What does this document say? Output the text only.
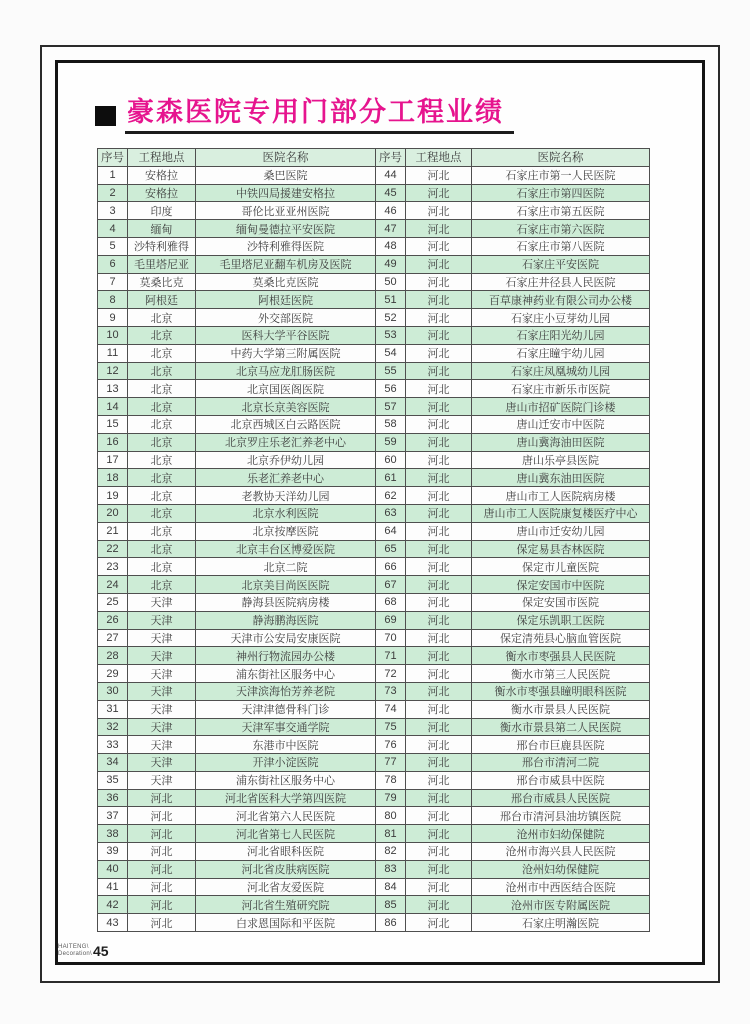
豪森医院专用门部分工程业绩
序号	工程地点	医院名称	序号	工程地点	医院名称
1	安格拉	桑巴医院	44	河北	石家庄市第一人民医院
2	安格拉	中铁四局援建安格拉	45	河北	石家庄市第四医院
3	印度	哥伦比亚亚州医院	46	河北	石家庄市第五医院
4	缅甸	缅甸曼德拉平安医院	47	河北	石家庄市第六医院
5	沙特利雅得	沙特利雅得医院	48	河北	石家庄市第八医院
6	毛里塔尼亚	毛里塔尼亚翻车机房及医院	49	河北	石家庄平安医院
7	莫桑比克	莫桑比克医院	50	河北	石家庄井径县人民医院
8	阿根廷	阿根廷医院	51	河北	百草康神药业有限公司办公楼
9	北京	外交部医院	52	河北	石家庄小豆芽幼儿园
10	北京	医科大学平谷医院	53	河北	石家庄阳光幼儿园
11	北京	中药大学第三附属医院	54	河北	石家庄瞳宇幼儿园
12	北京	北京马应龙肛肠医院	55	河北	石家庄凤凰城幼儿园
13	北京	北京国医阁医院	56	河北	石家庄市新乐市医院
14	北京	北京长京美容医院	57	河北	唐山市招矿医院门诊楼
15	北京	北京西城区白云路医院	58	河北	唐山迁安市中医院
16	北京	北京罗庄乐老汇养老中心	59	河北	唐山冀海油田医院
17	北京	北京乔伊幼儿园	60	河北	唐山乐亭县医院
18	北京	乐老汇养老中心	61	河北	唐山冀东油田医院
19	北京	老教协天洋幼儿园	62	河北	唐山市工人医院病房楼
20	北京	北京水利医院	63	河北	唐山市工人医院康复楼医疗中心
21	北京	北京按摩医院	64	河北	唐山市迁安幼儿园
22	北京	北京丰台区博爱医院	65	河北	保定易县杏林医院
23	北京	北京二院	66	河北	保定市儿童医院
24	北京	北京美目尚医医院	67	河北	保定安国市中医院
25	天津	静海县医院病房楼	68	河北	保定安国市医院
26	天津	静海鹏海医院	69	河北	保定乐凯职工医院
27	天津	天津市公安局安康医院	70	河北	保定清苑县心脑血管医院
28	天津	神州行物流园办公楼	71	河北	衡水市枣强县人民医院
29	天津	浦东街社区服务中心	72	河北	衡水市第三人民医院
30	天津	天津滨海怡芳养老院	73	河北	衡水市枣强县瞳明眼科医院
31	天津	天津津德骨科门诊	74	河北	衡水市景县人民医院
32	天津	天津军事交通学院	75	河北	衡水市景县第二人民医院
33	天津	东港市中医院	76	河北	邢台市巨鹿县医院
34	天津	开津小淀医院	77	河北	邢台市清河二院
35	天津	浦东街社区服务中心	78	河北	邢台市威县中医院
36	河北	河北省医科大学第四医院	79	河北	邢台市威县人民医院
37	河北	河北省第六人民医院	80	河北	邢台市清河县油坊镇医院
38	河北	河北省第七人民医院	81	河北	沧州市妇幼保健院
39	河北	河北省眼科医院	82	河北	沧州市海兴县人民医院
40	河北	河北省皮肤病医院	83	河北	沧州妇幼保健院
41	河北	河北省友爱医院	84	河北	沧州市中西医结合医院
42	河北	河北省生殖研究院	85	河北	沧州市医专附属医院
43	河北	白求恩国际和平医院	86	河北	石家庄明瀚医院
HAITENG\
Decoration\ 45
